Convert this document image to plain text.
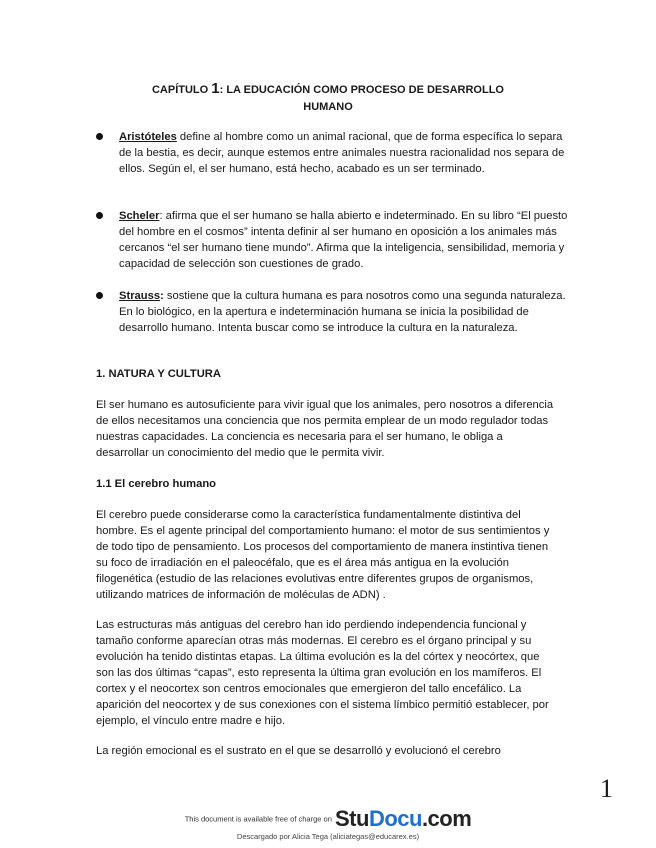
CAPÍTULO 1: LA EDUCACIÓN COMO PROCESO DE DESARROLLO
HUMANO
Aristóteles define al hombre como un animal racional, que de forma específica lo separa de la bestia, es decir, aunque estemos entre animales nuestra racionalidad nos separa de ellos. Según el, el ser humano, está hecho, acabado es un ser terminado.
Scheler: afirma que el ser humano se halla abierto e indeterminado. En su libro “El puesto del hombre en el cosmos” intenta definir al ser humano en oposición a los animales más cercanos “el ser humano tiene mundo”. Afirma que la inteligencia, sensibilidad, memoria y capacidad de selección son cuestiones de grado.
Strauss: sostiene que la cultura humana es para nosotros como una segunda naturaleza. En lo biológico, en la apertura e indeterminación humana se inicia la posibilidad de desarrollo humano. Intenta buscar como se introduce la cultura en la naturaleza.
1. NATURA Y CULTURA

El ser humano es autosuficiente para vivir igual que los animales, pero nosotros a diferencia de ellos necesitamos una conciencia que nos permita emplear de un modo regulador todas nuestras capacidades. La conciencia es necesaria para el ser humano, le obliga a desarrollar un conocimiento del medio que le permita vivir.

1.1 El cerebro humano

El cerebro puede considerarse como la característica fundamentalmente distintiva del hombre. Es el agente principal del comportamiento humano: el motor de sus sentimientos y de todo tipo de pensamiento. Los procesos del comportamiento de manera instintiva tienen su foco de irradiación en el paleocéfalo, que es el área más antigua en la evolución filogenética (estudio de las relaciones evolutivas entre diferentes grupos de organismos, utilizando matrices de información de moléculas de ADN) .

Las estructuras más antiguas del cerebro han ido perdiendo independencia funcional y tamaño conforme aparecían otras más modernas. El cerebro es el órgano principal y su evolución ha tenido distintas etapas. La última evolución es la del córtex y neocórtex, que son las dos últimas “capas”, esto representa la última gran evolución en los mamíferos. El cortex y el neocortex son centros emocionales que emergieron del tallo encefálico. La aparición del neocortex y de sus conexiones con el sistema límbico permitió establecer, por ejemplo, el vínculo entre madre e hijo.

La región emocional es el sustrato en el que se desarrolló y evolucionó el cerebro

1
This document is available free of charge on StuDocu.com
Descargado por Alicia Tega (aliciategas@educarex.es)
